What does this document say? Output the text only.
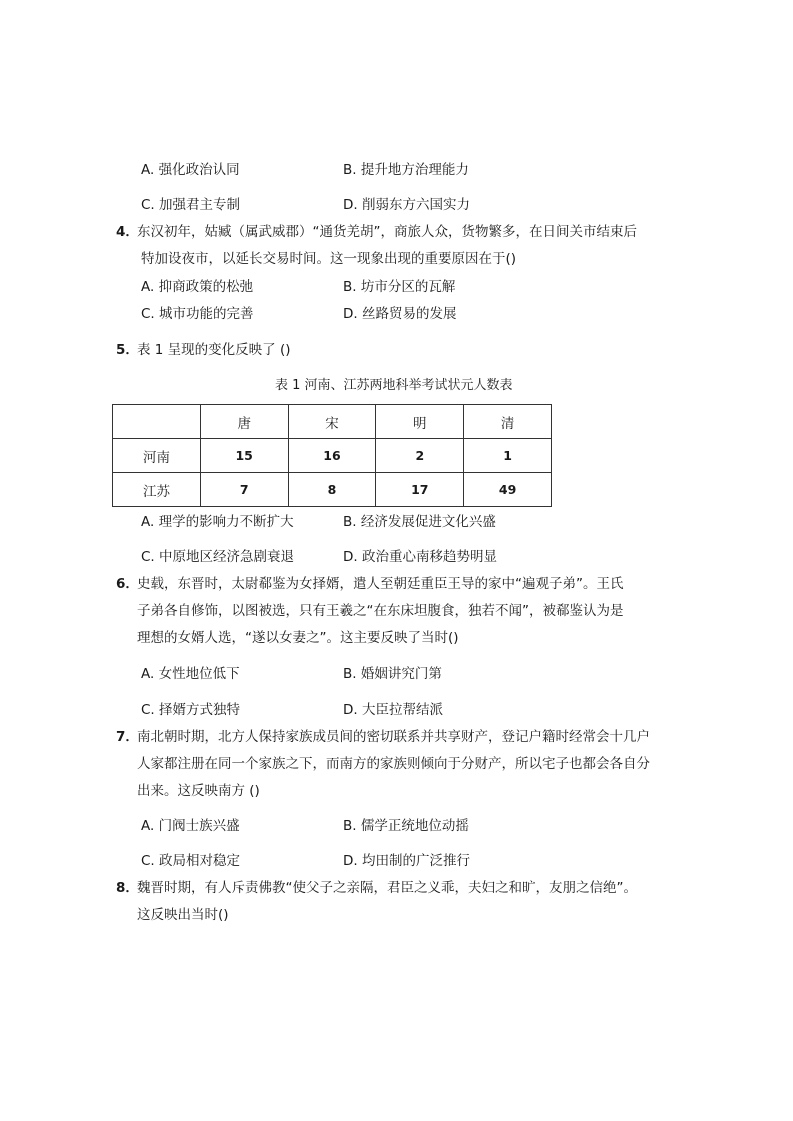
A. 强化政治认同	B. 提升地方治理能力
C. 加强君主专制	D. 削弱东方六国实力
4．
东汉初年，姑臧（属武威郡）“通货羌胡”，商旅人众，货物繁多，在日间关市结束后
特加设夜市，以延长交易时间。这一现象出现的重要原因在于()
A. 抑商政策的松弛	B. 坊市分区的瓦解
C. 城市功能的完善	D. 丝路贸易的发展
5．
表 1 呈现的变化反映了 ()
表 1 河南、江苏两地科举考试状元人数表
	唐	宋	明	清
河南	15	16	2	1
江苏	7	8	17	49
A. 理学的影响力不断扩大	B. 经济发展促进文化兴盛
C. 中原地区经济急剧衰退	D. 政治重心南移趋势明显
6．
史载，东晋时，太尉郗鉴为女择婿，遣人至朝廷重臣王导的家中“遍观子弟”。王氏
子弟各自修饰，以图被选，只有王羲之“在东床坦腹食，独若不闻”，被郗鉴认为是
理想的女婿人选，“遂以女妻之”。这主要反映了当时()
A. 女性地位低下	B. 婚姻讲究门第
C. 择婿方式独特	D. 大臣拉帮结派
7．
南北朝时期，北方人保持家族成员间的密切联系并共享财产，登记户籍时经常会十几户
人家都注册在同一个家族之下，而南方的家族则倾向于分财产，所以宅子也都会各自分
出来。这反映南方 ()
A. 门阀士族兴盛	B. 儒学正统地位动摇
C. 政局相对稳定	D. 均田制的广泛推行
8．
魏晋时期，有人斥责佛教“使父子之亲隔，君臣之义乖，夫妇之和旷，友朋之信绝”。
这反映出当时()
